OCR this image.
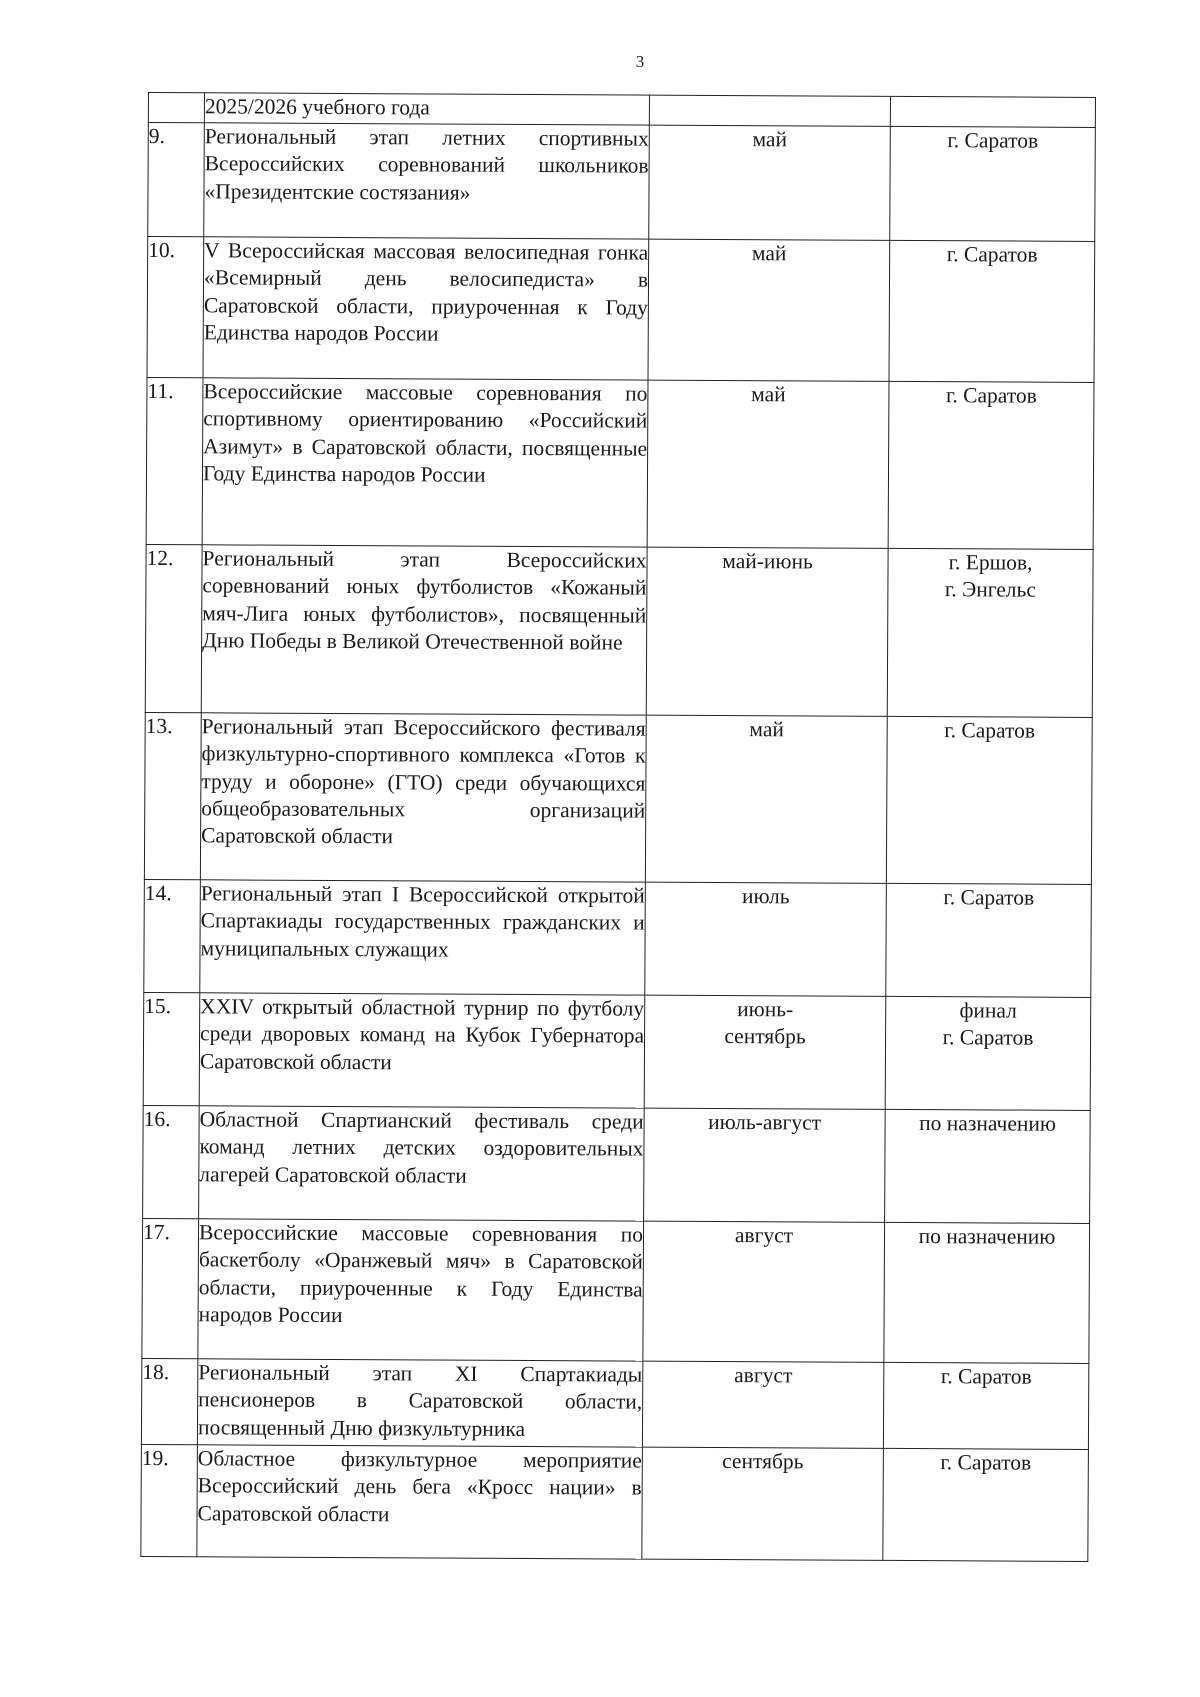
3
	2025/2026 учебного года		
9.	Региональный этап летних спортивных Всероссийских соревнований школьников «Президентские состязания»	май	г. Саратов
10.	V Всероссийская массовая велосипедная гонка «Всемирный день велосипедиста» в Саратовской области, приуроченная к Году Единства народов России	май	г. Саратов
11.	Всероссийские массовые соревнования по спортивному ориентированию «Российский Азимут» в Саратовской области, посвященные Году Единства народов России	май	г. Саратов
12.	Региональный этап Всероссийских соревнований юных футболистов «Кожаный мяч-Лига юных футболистов», посвященный Дню Победы в Великой Отечественной войне	май-июнь	г. Ершов,
г. Энгельс

13.	Региональный этап Всероссийского фестиваля физкультурно-спортивного комплекса «Готов к труду и обороне» (ГТО) среди обучающихся общеобразовательных организаций Саратовской области	май	г. Саратов
14.	Региональный этап I Всероссийской открытой Спартакиады государственных гражданских и муниципальных служащих	июль	г. Саратов
15.	XXIV открытый областной турнир по футболу среди дворовых команд на Кубок Губернатора Саратовской области	июнь-
сентябрь	финал
г. Саратов

16.	Областной Спартианский фестиваль среди команд летних детских оздоровительных лагерей Саратовской области	июль-август	по назначению
17.	Всероссийские массовые соревнования по баскетболу «Оранжевый мяч» в Саратовской области, приуроченные к Году Единства народов России	август	по назначению
18.	Региональный этап XI Спартакиады пенсионеров в Саратовской области, посвященный Дню физкультурника	август	г. Саратов
19.	Областное физкультурное мероприятие Всероссийский день бега «Кросс нации» в Саратовской области	сентябрь	г. Саратов
